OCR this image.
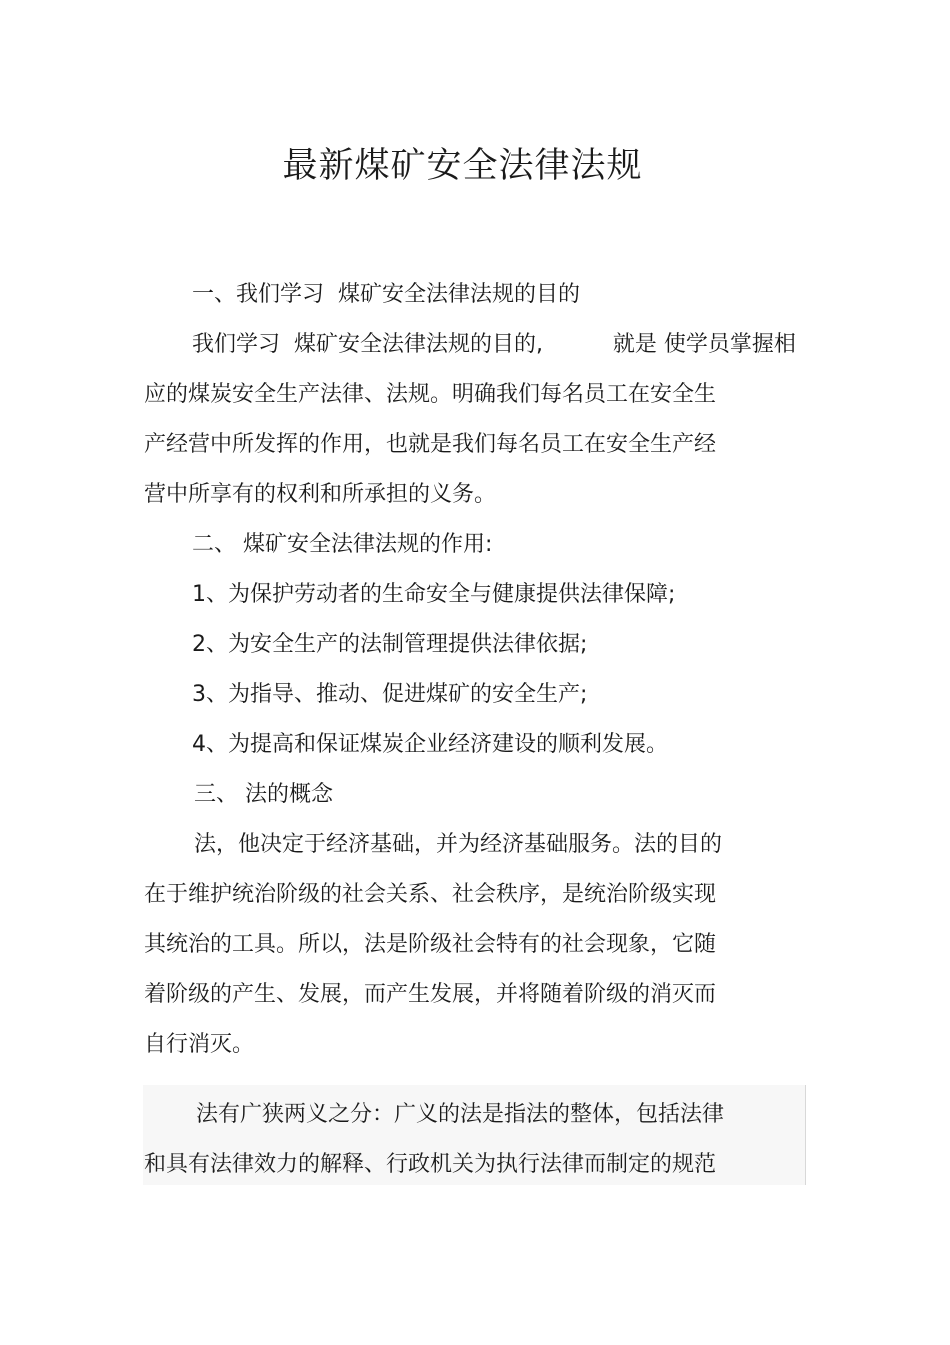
最新煤矿安全法律法规

一、我们学习  煤矿安全法律法规的目的

我们学习  煤矿安全法律法规的目的,          就是 使学员掌握相

应的煤炭安全生产法律、法规。明确我们每名员工在安全生

产经营中所发挥的作用，也就是我们每名员工在安全生产经

营中所享有的权利和所承担的义务。

二、 煤矿安全法律法规的作用:

1、为保护劳动者的生命安全与健康提供法律保障;

2、为安全生产的法制管理提供法律依据;

3、为指导、推动、促进煤矿的安全生产;

4、为提高和保证煤炭企业经济建设的顺利发展。

三、 法的概念

法，他决定于经济基础，并为经济基础服务。法的目的

在于维护统治阶级的社会关系、社会秩序，是统治阶级实现

其统治的工具。所以，法是阶级社会特有的社会现象，它随

着阶级的产生、发展，而产生发展，并将随着阶级的消灭而

自行消灭。

法有广狭两义之分：广义的法是指法的整体，包括法律

和具有法律效力的解释、行政机关为执行法律而制定的规范
